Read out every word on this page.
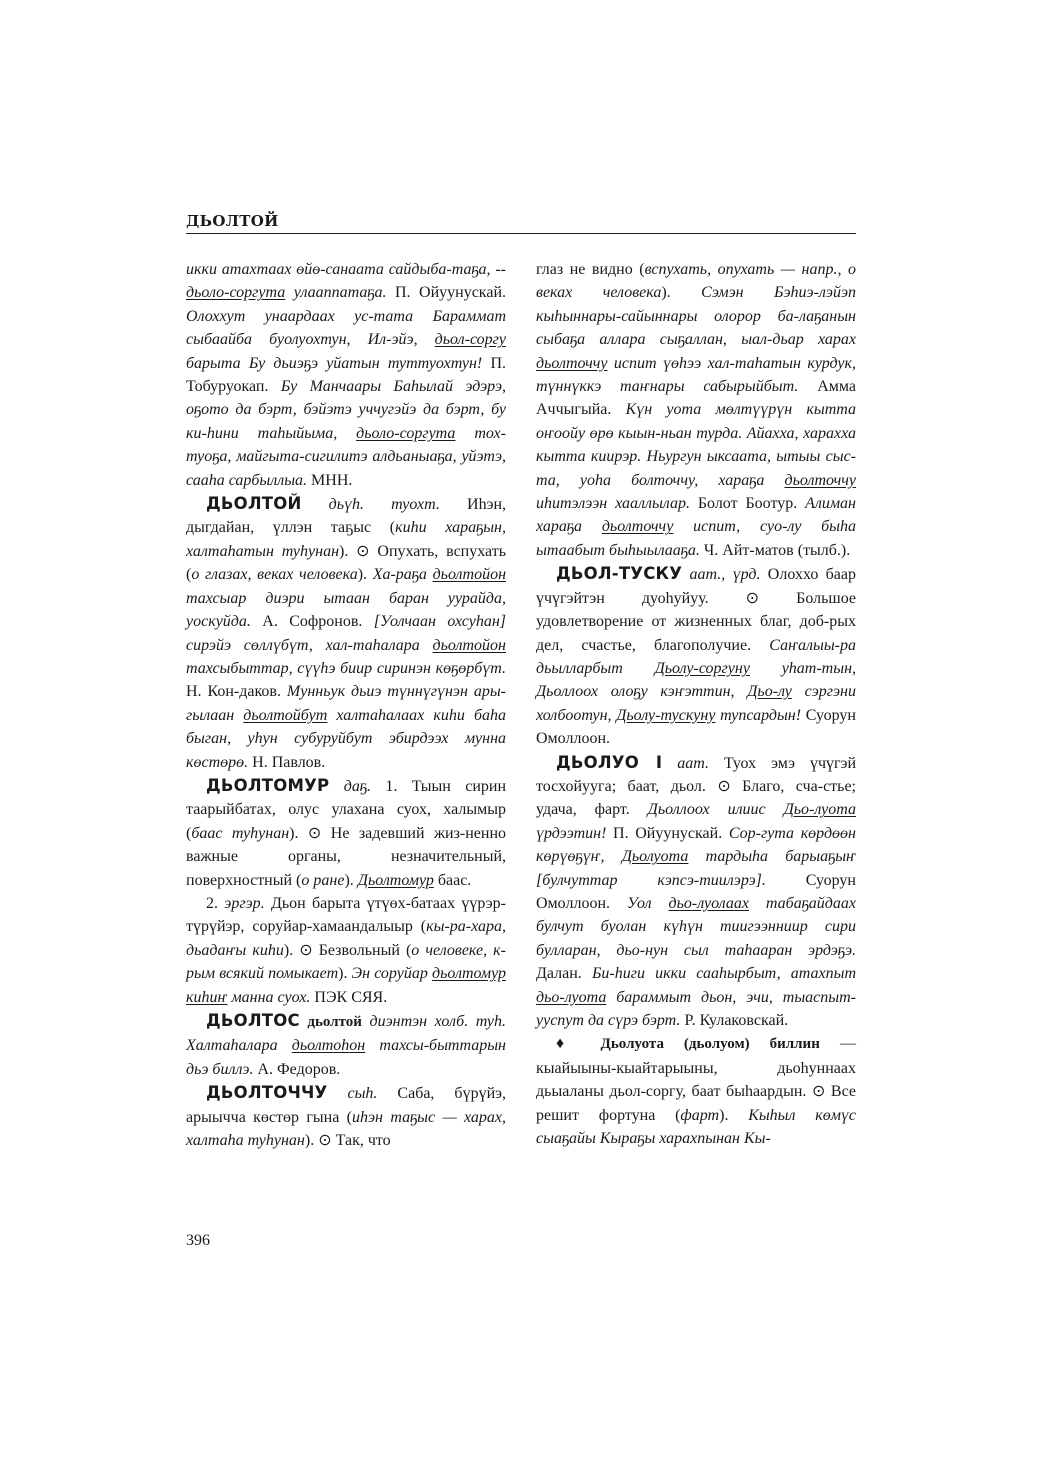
ДЬОЛТОЙ

икки атахтаах өйө-санаата сайдыба-таҕа, -- дьоло-соргута улааппатаҕа. П. Ойуунускай. Олоххут унаардаах ус-тата Бараммат сыбаайба буолуохтун, Ил-эйэ, дьол-соргу барыта Бу дьиэҕэ уйатын туттуохтун! П. Тобуруокап. Бу Манчаары Баһылай эдэрэ, оҕото да бэрт, бэйэтэ уччугэйэ да бэрт, бу ки-һини таһыйыма, дьоло-соргута тох-туоҕа, майгыта-сигилитэ алдьаныаҕа, уйэтэ, сааһа сарбыллыа. МНН.

ДЬОЛТОЙ дьүһ. туохт. Иһэн, дыгдайан, үллэн таҕыс (киһи хараҕын, халтаһатын туһунан). ⊙ Опухать, вспухать (о глазах, веках человека). Ха-раҕа дьолтойон тахсыар диэри ытаан баран уурайда, уоскуйда. А. Софронов. [Уолчаан охсуһан] сирэйэ сөллүбүт, хал-таһалара дьолтойон тахсыбыттар, сүүһэ биир сиринэн көҕөрбүт. Н. Кон-даков. Мунньук дьиэ түннүгүнэн ары-гылаан дьолтойбут халтаһалаах киһи баһа быган, уһун субуруйбут эбирдээх мунна көстөрө. Н. Павлов.

ДЬОЛТОМУР даҕ. 1. Тыын сирин таарыйбатах, олус улахана суох, халымыр (баас туһунан). ⊙ Не задевший жиз-ненно важные органы, незначительный, поверхностный (о ране). Дьолтомур баас.

2. эргэр. Дьон барыта үтүөх-батаах үүрэр-түрүйэр, соруйар-хамаандалыыр (кы-ра-хара, дьадаҥы киһи). ⊙ Безвольный (о человеке, к-рым всякий помыкает). Эн соруйар дьолтомур киһиҥ манна суох. ПЭК СЯЯ.

ДЬОЛТОС дьолтой диэнтэн холб. туһ. Халтаһалара дьолтоһон тахсы-быттарын дьэ биллэ. А. Федоров.

ДЬОЛТОЧЧУ сыһ. Саба, бүрүйэ, арыычча көстөр гына (иһэн таҕыс — харах, халтаһа туһунан). ⊙ Так, что

глаз не видно (вспухать, опухать — напр., о веках человека). Сэмэн Бэһиэ-лэйэп кыһыннары-сайыннары олорор ба-лаҕанын сыбаҕа аллара сыҕаллан, ыал-дьар харах дьолточчу испит үөһээ хал-таһатын курдук, түннүккэ таҥнары сабырыйбыт. Амма Аччыгыйа. Күн уота мөлтүүрүн кытта оҥоойу өрө кыын-ньан турда. Айахха, харахха кытта киирэр. Ньургун ыксаата, ытыы сыс-та, уоһа болточчу, хараҕа дьолточчу иһитэлээн хааллылар. Болот Боотур. Алиман хараҕа дьолточчу испит, суо-лу быһа ытаабыт быһыылааҕа. Ч. Айт-матов (тылб.).

ДЬОЛ-ТУСКУ аат., үрд. Олоххо баар үчүгэйтэн дуоһуйуу. ⊙ Большое удовлетворение от жизненных благ, доб-рых дел, счастье, благополучие. Саҥалыы-ра дьылларбыт Дьолу-соргуну уһат-тын, Дьоллоох олоҕу кэҥэттин, Дьо-лу сэргэни холбоотун, Дьолу-тускуну тупсардын! Суорун Омоллоон.

ДЬОЛУО I аат. Туох эмэ үчүгэй тосхойууга; баат, дьол. ⊙ Благо, сча-стье; удача, фарт. Дьоллоох илиис Дьо-луота үрдээтин! П. Ойуунускай. Сор-гута көрдөөн көрүөҕүҥ, Дьолуота тардыһа барыаҕыҥ [булчуттар кэпсэ-тиилэрэ]. Суорун Омоллоон. Уол дьо-луолаах табаҕайдаах булчут буолан күһүн тиигээнниир сири булларан, дьо-нун сыл таһааран эрдэҕэ. Далан. Би-һиги икки сааһырбыт, атахпыт дьо-луота бараммыт дьон, эчи, тыаспыт-ууспут да сүрэ бэрт. Ρ. Кулаковскай.

♦ Дьолуота (дьолуом) биллин — кыайыыны-кыайтарыыны, дьоһуннаах дьыаланы дьол-соргу, баат быһаардын. ⊙ Все решит фортуна (фарт). Кыһыл көмүс сыаҕайы Кыраҕы харахпынан Кы-

396
